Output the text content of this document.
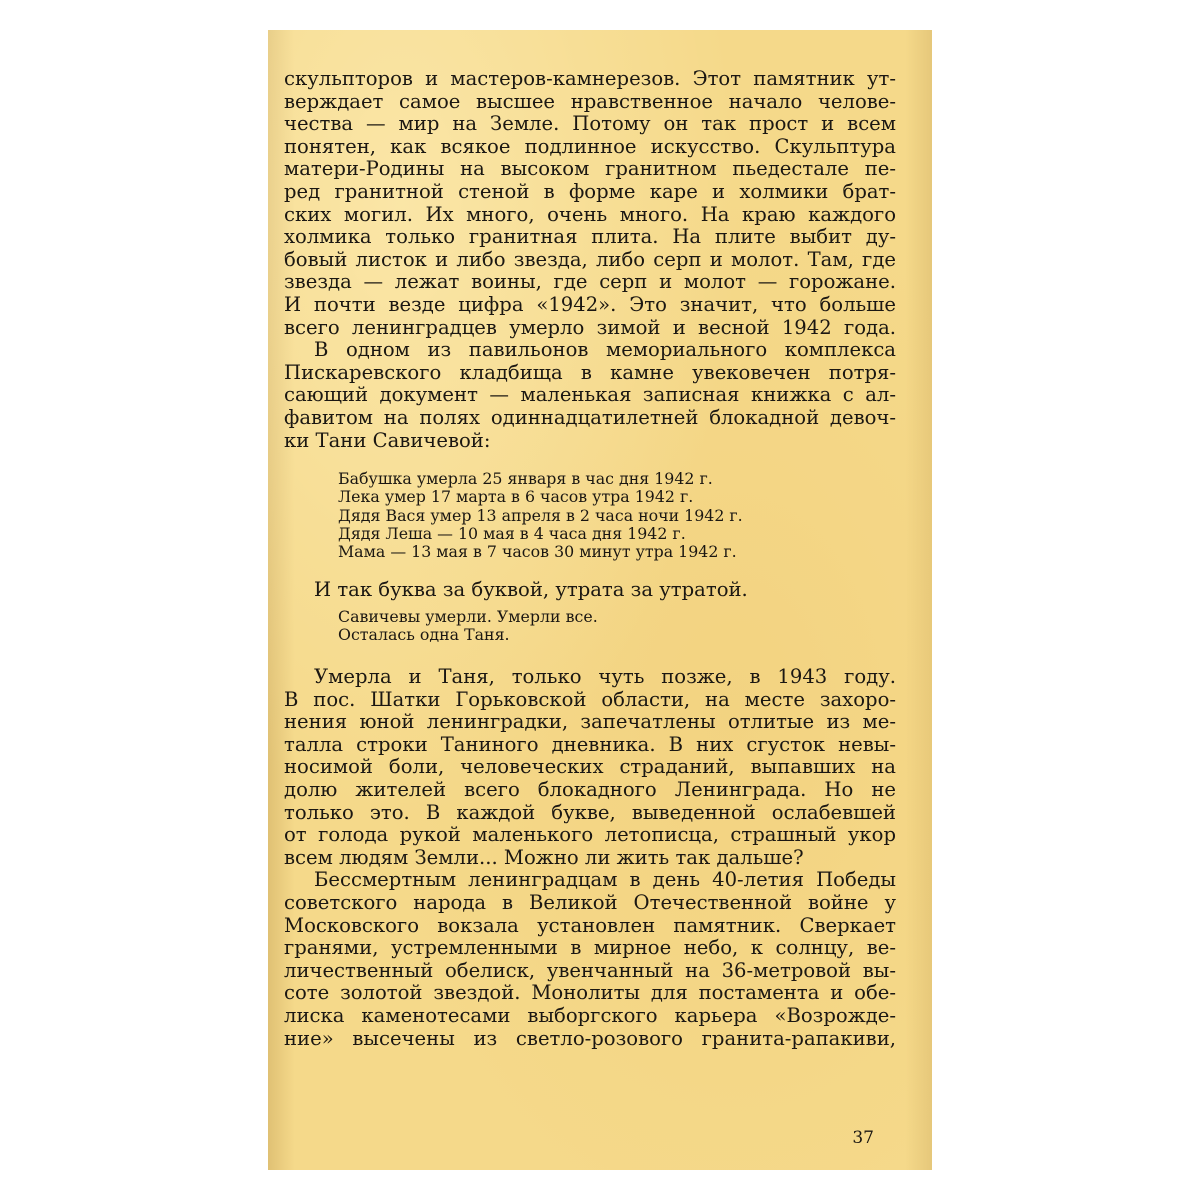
скульпторов и мастеров-камнерезов. Этот памятник ут-
верждает самое высшее нравственное начало челове-
чества — мир на Земле. Потому он так прост и всем
понятен, как всякое подлинное искусство. Скульптура
матери-Родины на высоком гранитном пьедестале пе-
ред гранитной стеной в форме каре и холмики брат-
ских могил. Их много, очень много. На краю каждого
холмика только гранитная плита. На плите выбит ду-
бовый листок и либо звезда, либо серп и молот. Там, где
звезда — лежат воины, где серп и молот — горожане.
И почти везде цифра «1942». Это значит, что больше
всего ленинградцев умерло зимой и весной 1942 года.
В одном из павильонов мемориального комплекса
Пискаревского кладбища в камне увековечен потря-
сающий документ — маленькая записная книжка с ал-
фавитом на полях одиннадцатилетней блокадной девоч-
ки Тани Савичевой:
Бабушка умерла 25 января в час дня 1942 г.
Лека умер 17 марта в 6 часов утра 1942 г.
Дядя Вася умер 13 апреля в 2 часа ночи 1942 г.
Дядя Леша — 10 мая в 4 часа дня 1942 г.
Мама — 13 мая в 7 часов 30 минут утра 1942 г.
И так буква за буквой, утрата за утратой.
Савичевы умерли. Умерли все.
Осталась одна Таня.
Умерла и Таня, только чуть позже, в 1943 году.
В пос. Шатки Горьковской области, на месте захоро-
нения юной ленинградки, запечатлены отлитые из ме-
талла строки Таниного дневника. В них сгусток невы-
носимой боли, человеческих страданий, выпавших на
долю жителей всего блокадного Ленинграда. Но не
только это. В каждой букве, выведенной ослабевшей
от голода рукой маленького летописца, страшный укор
всем людям Земли... Можно ли жить так дальше?
Бессмертным ленинградцам в день 40-летия Победы
советского народа в Великой Отечественной войне у
Московского вокзала установлен памятник. Сверкает
гранями, устремленными в мирное небо, к солнцу, ве-
личественный обелиск, увенчанный на 36-метровой вы-
соте золотой звездой. Монолиты для постамента и обе-
лиска каменотесами выборгского карьера «Возрожде-
ние» высечены из светло-розового гранита-рапакиви,
37
